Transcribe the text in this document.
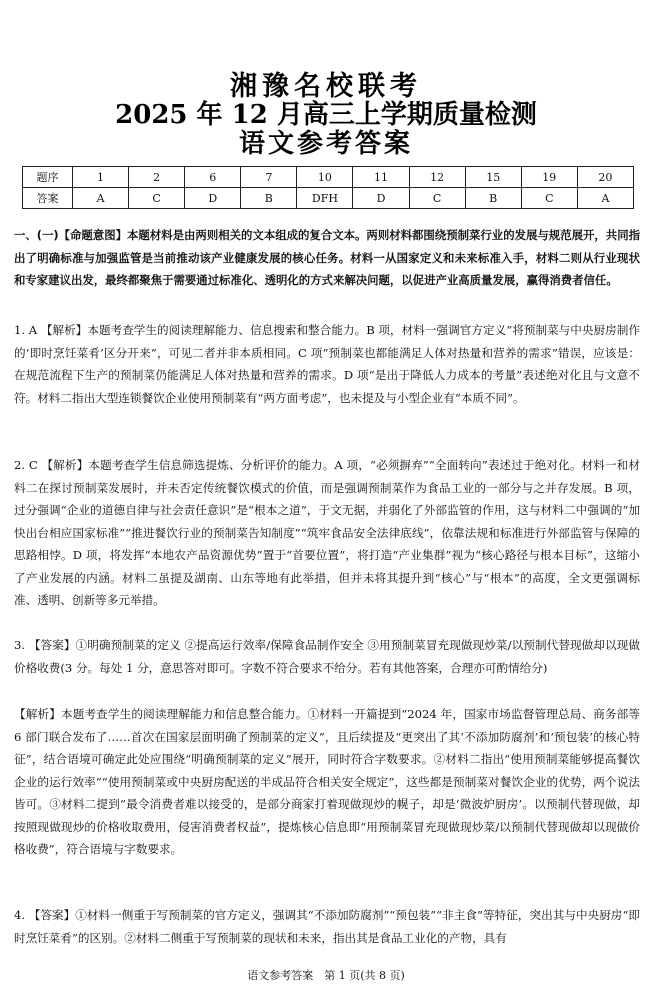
湘豫名校联考
2025 年 12 月高三上学期质量检测
语文参考答案
题序	1	2	6	7	10	11	12	15	19	20
答案	A	C	D	B	DFH	D	C	B	C	A
一、(一)【命题意图】本题材料是由两则相关的文本组成的复合文本。两则材料都围绕预制菜行业的发展与规范展开，共同指出了明确标准与加强监管是当前推动该产业健康发展的核心任务。材料一从国家定义和未来标准入手，材料二则从行业现状和专家建议出发，最终都聚焦于需要通过标准化、透明化的方式来解决问题，以促进产业高质量发展，赢得消费者信任。
1. A 【解析】本题考查学生的阅读理解能力、信息搜索和整合能力。B 项，材料一强调官方定义“将预制菜与中央厨房制作的‘即时烹饪菜肴’区分开来”，可见二者并非本质相同。C 项“预制菜也都能满足人体对热量和营养的需求”错误，应该是：在规范流程下生产的预制菜仍能满足人体对热量和营养的需求。D 项“是出于降低人力成本的考量”表述绝对化且与文意不符。材料二指出大型连锁餐饮企业使用预制菜有“两方面考虑”，也未提及与小型企业有“本质不同”。
2. C 【解析】本题考查学生信息筛选提炼、分析评价的能力。A 项，“必须摒弃”“全面转向”表述过于绝对化。材料一和材料二在探讨预制菜发展时，并未否定传统餐饮模式的价值，而是强调预制菜作为食品工业的一部分与之并存发展。B 项，过分强调“企业的道德自律与社会责任意识”是“根本之道”，于文无据，并弱化了外部监管的作用，这与材料二中强调的“加快出台相应国家标准”“推进餐饮行业的预制菜告知制度”“筑牢食品安全法律底线”，依靠法规和标准进行外部监管与保障的思路相悖。D 项，将发挥“本地农产品资源优势”置于“首要位置”，将打造“产业集群”视为“核心路径与根本目标”，这缩小了产业发展的内涵。材料二虽提及湖南、山东等地有此举措，但并未将其提升到“核心”与“根本”的高度，全文更强调标准、透明、创新等多元举措。
3. 【答案】①明确预制菜的定义 ②提高运行效率/保障食品制作安全 ③用预制菜冒充现做现炒菜/以预制代替现做却以现做价格收费(3 分。每处 1 分，意思答对即可。字数不符合要求不给分。若有其他答案，合理亦可酌情给分)
【解析】本题考查学生的阅读理解能力和信息整合能力。①材料一开篇提到“2024 年，国家市场监督管理总局、商务部等 6 部门联合发布了……首次在国家层面明确了预制菜的定义”，且后续提及“更突出了其‘不添加防腐剂’和‘预包装’的核心特征”，结合语境可确定此处应围绕“明确预制菜的定义”展开，同时符合字数要求。②材料二指出“使用预制菜能够提高餐饮企业的运行效率”“使用预制菜或中央厨房配送的半成品符合相关安全规定”，这些都是预制菜对餐饮企业的优势，两个说法皆可。③材料二提到“最令消费者难以接受的，是部分商家打着现做现炒的幌子，却是‘微波炉厨房’。以预制代替现做，却按照现做现炒的价格收取费用，侵害消费者权益”，提炼核心信息即“用预制菜冒充现做现炒菜/以预制代替现做却以现做价格收费”，符合语境与字数要求。
4. 【答案】①材料一侧重于写预制菜的官方定义，强调其“不添加防腐剂”“预包装”“非主食”等特征，突出其与中央厨房“即时烹饪菜肴”的区别。②材料二侧重于写预制菜的现状和未来，指出其是食品工业化的产物，具有
语文参考答案　第 1 页(共 8 页)
